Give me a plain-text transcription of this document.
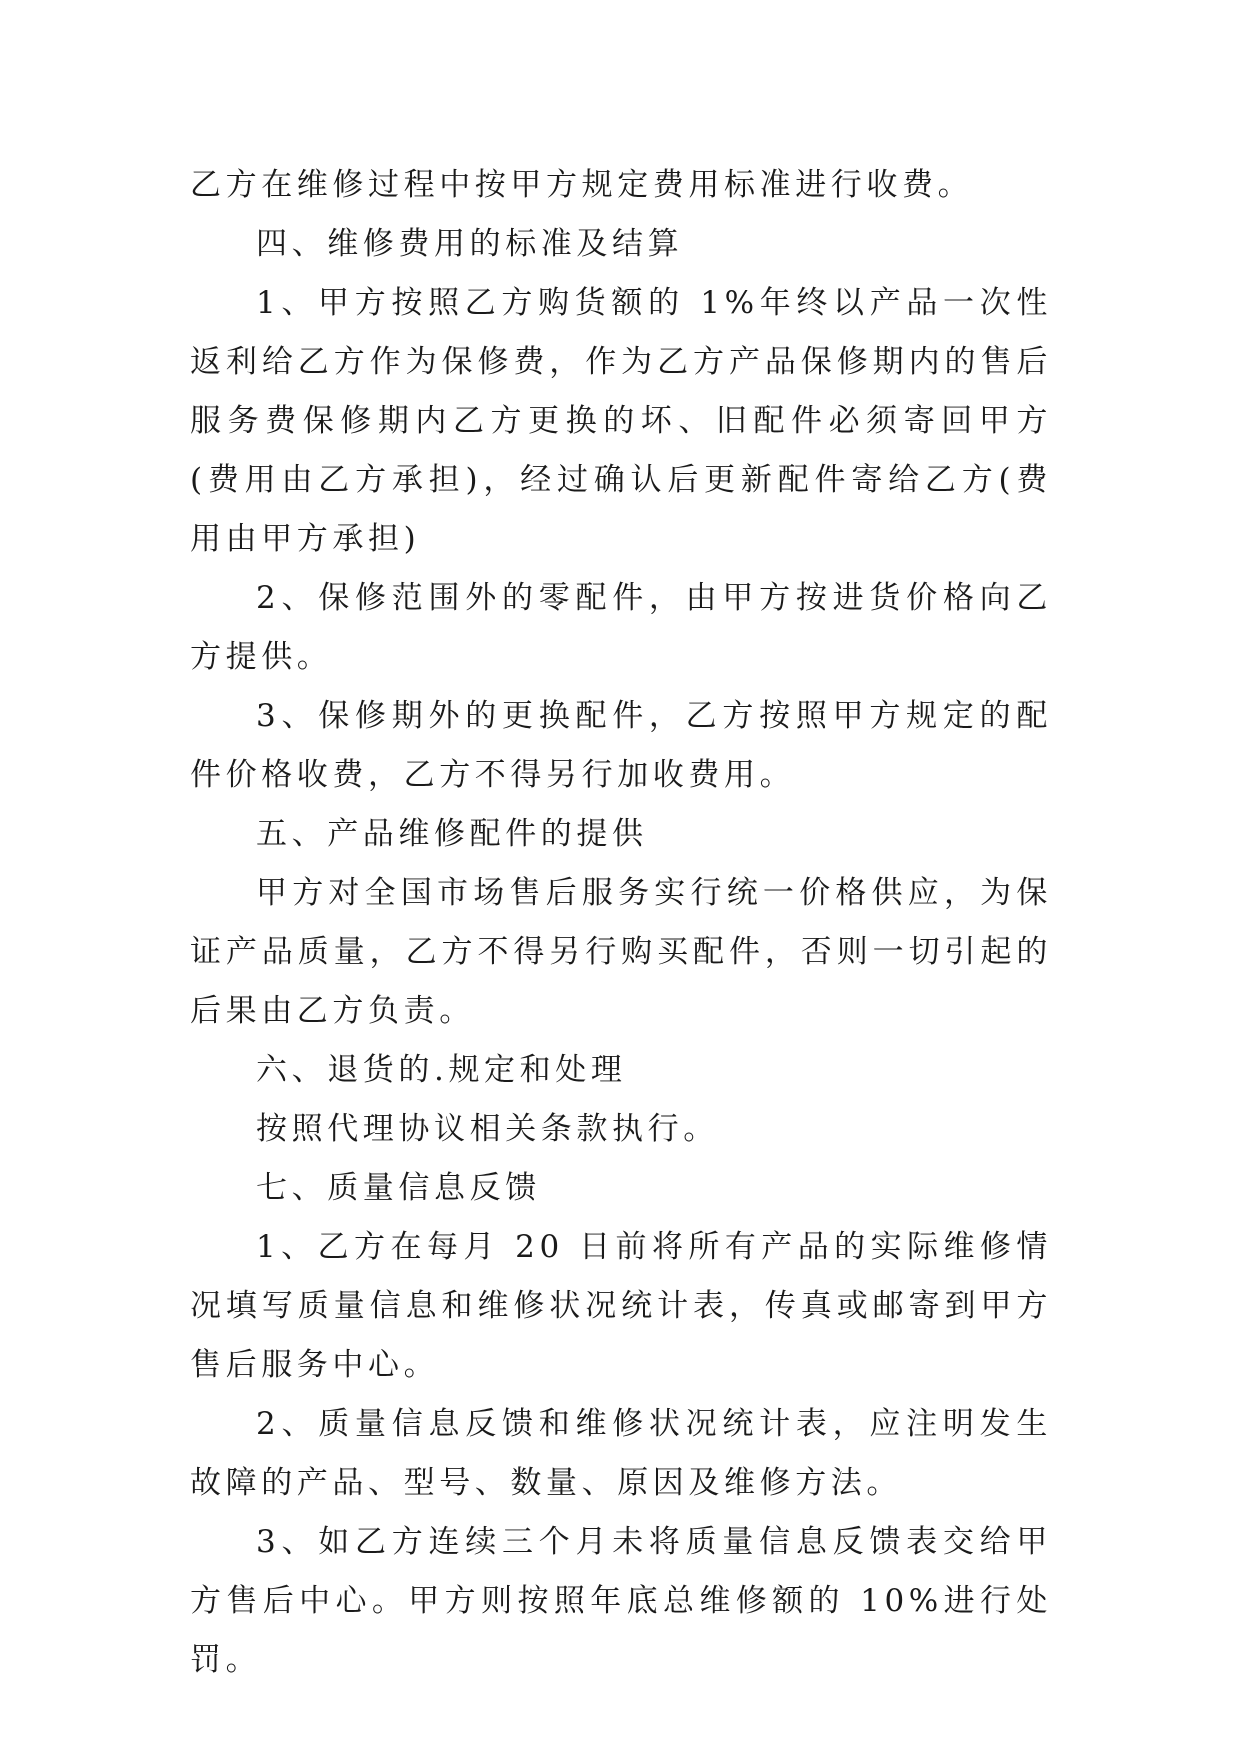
乙方在维修过程中按甲方规定费用标准进行收费。

四、维修费用的标准及结算

1、甲方按照乙方购货额的 1%年终以产品一次性返利给乙方作为保修费，作为乙方产品保修期内的售后服务费保修期内乙方更换的坏、旧配件必须寄回甲方(费用由乙方承担)，经过确认后更新配件寄给乙方(费用由甲方承担)

2、保修范围外的零配件，由甲方按进货价格向乙方提供。

3、保修期外的更换配件，乙方按照甲方规定的配件价格收费，乙方不得另行加收费用。

五、产品维修配件的提供

甲方对全国市场售后服务实行统一价格供应，为保证产品质量，乙方不得另行购买配件，否则一切引起的后果由乙方负责。

六、退货的.规定和处理

按照代理协议相关条款执行。

七、质量信息反馈

1、乙方在每月 20 日前将所有产品的实际维修情况填写质量信息和维修状况统计表，传真或邮寄到甲方售后服务中心。

2、质量信息反馈和维修状况统计表，应注明发生故障的产品、型号、数量、原因及维修方法。

3、如乙方连续三个月未将质量信息反馈表交给甲方售后中心。甲方则按照年底总维修额的 10%进行处罚。
